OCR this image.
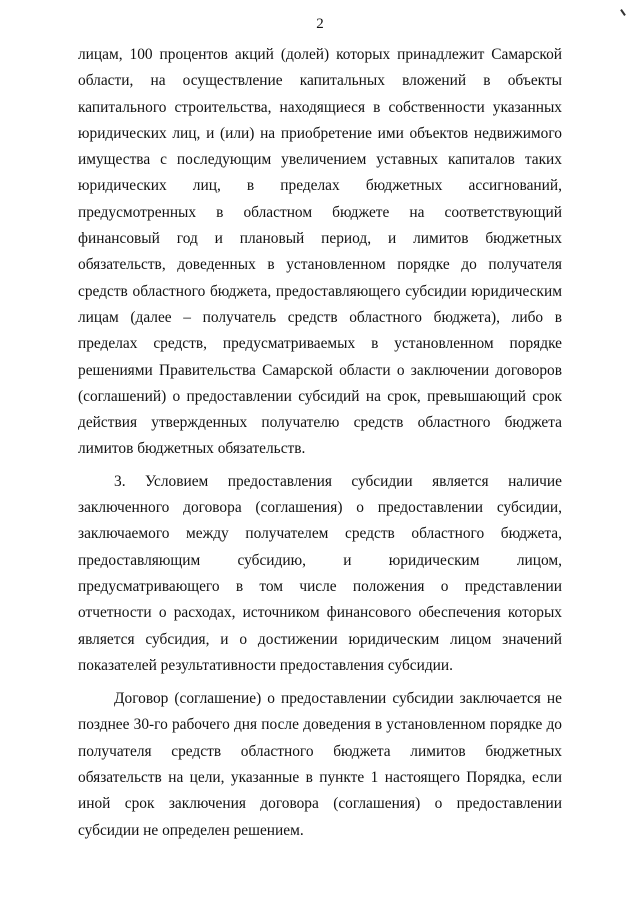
2

лицам, 100 процентов акций (долей) которых принадлежит Самарской области, на осуществление капитальных вложений в объекты капитального строительства, находящиеся в собственности указанных юридических лиц, и (или) на приобретение ими объектов недвижимого имущества с последующим увеличением уставных капиталов таких юридических лиц, в пределах бюджетных ассигнований, предусмотренных в областном бюджете на соответствующий финансовый год и плановый период, и лимитов бюджетных обязательств, доведенных в установленном порядке до получателя средств областного бюджета, предоставляющего субсидии юридическим лицам (далее – получатель средств областного бюджета), либо в пределах средств, предусматриваемых в установленном порядке решениями Правительства Самарской области о заключении договоров (соглашений) о предоставлении субсидий на срок, превышающий срок действия утвержденных получателю средств областного бюджета лимитов бюджетных обязательств.

3. Условием предоставления субсидии является наличие заключенного договора (соглашения) о предоставлении субсидии, заключаемого между получателем средств областного бюджета, предоставляющим субсидию, и юридическим лицом, предусматривающего в том числе положения о представлении отчетности о расходах, источником финансового обеспечения которых является субсидия, и о достижении юридическим лицом значений показателей результативности предоставления субсидии.

Договор (соглашение) о предоставлении субсидии заключается не позднее 30-го рабочего дня после доведения в установленном порядке до получателя средств областного бюджета лимитов бюджетных обязательств на цели, указанные в пункте 1 настоящего Порядка, если иной срок заключения договора (соглашения) о предоставлении субсидии не определен решением.
